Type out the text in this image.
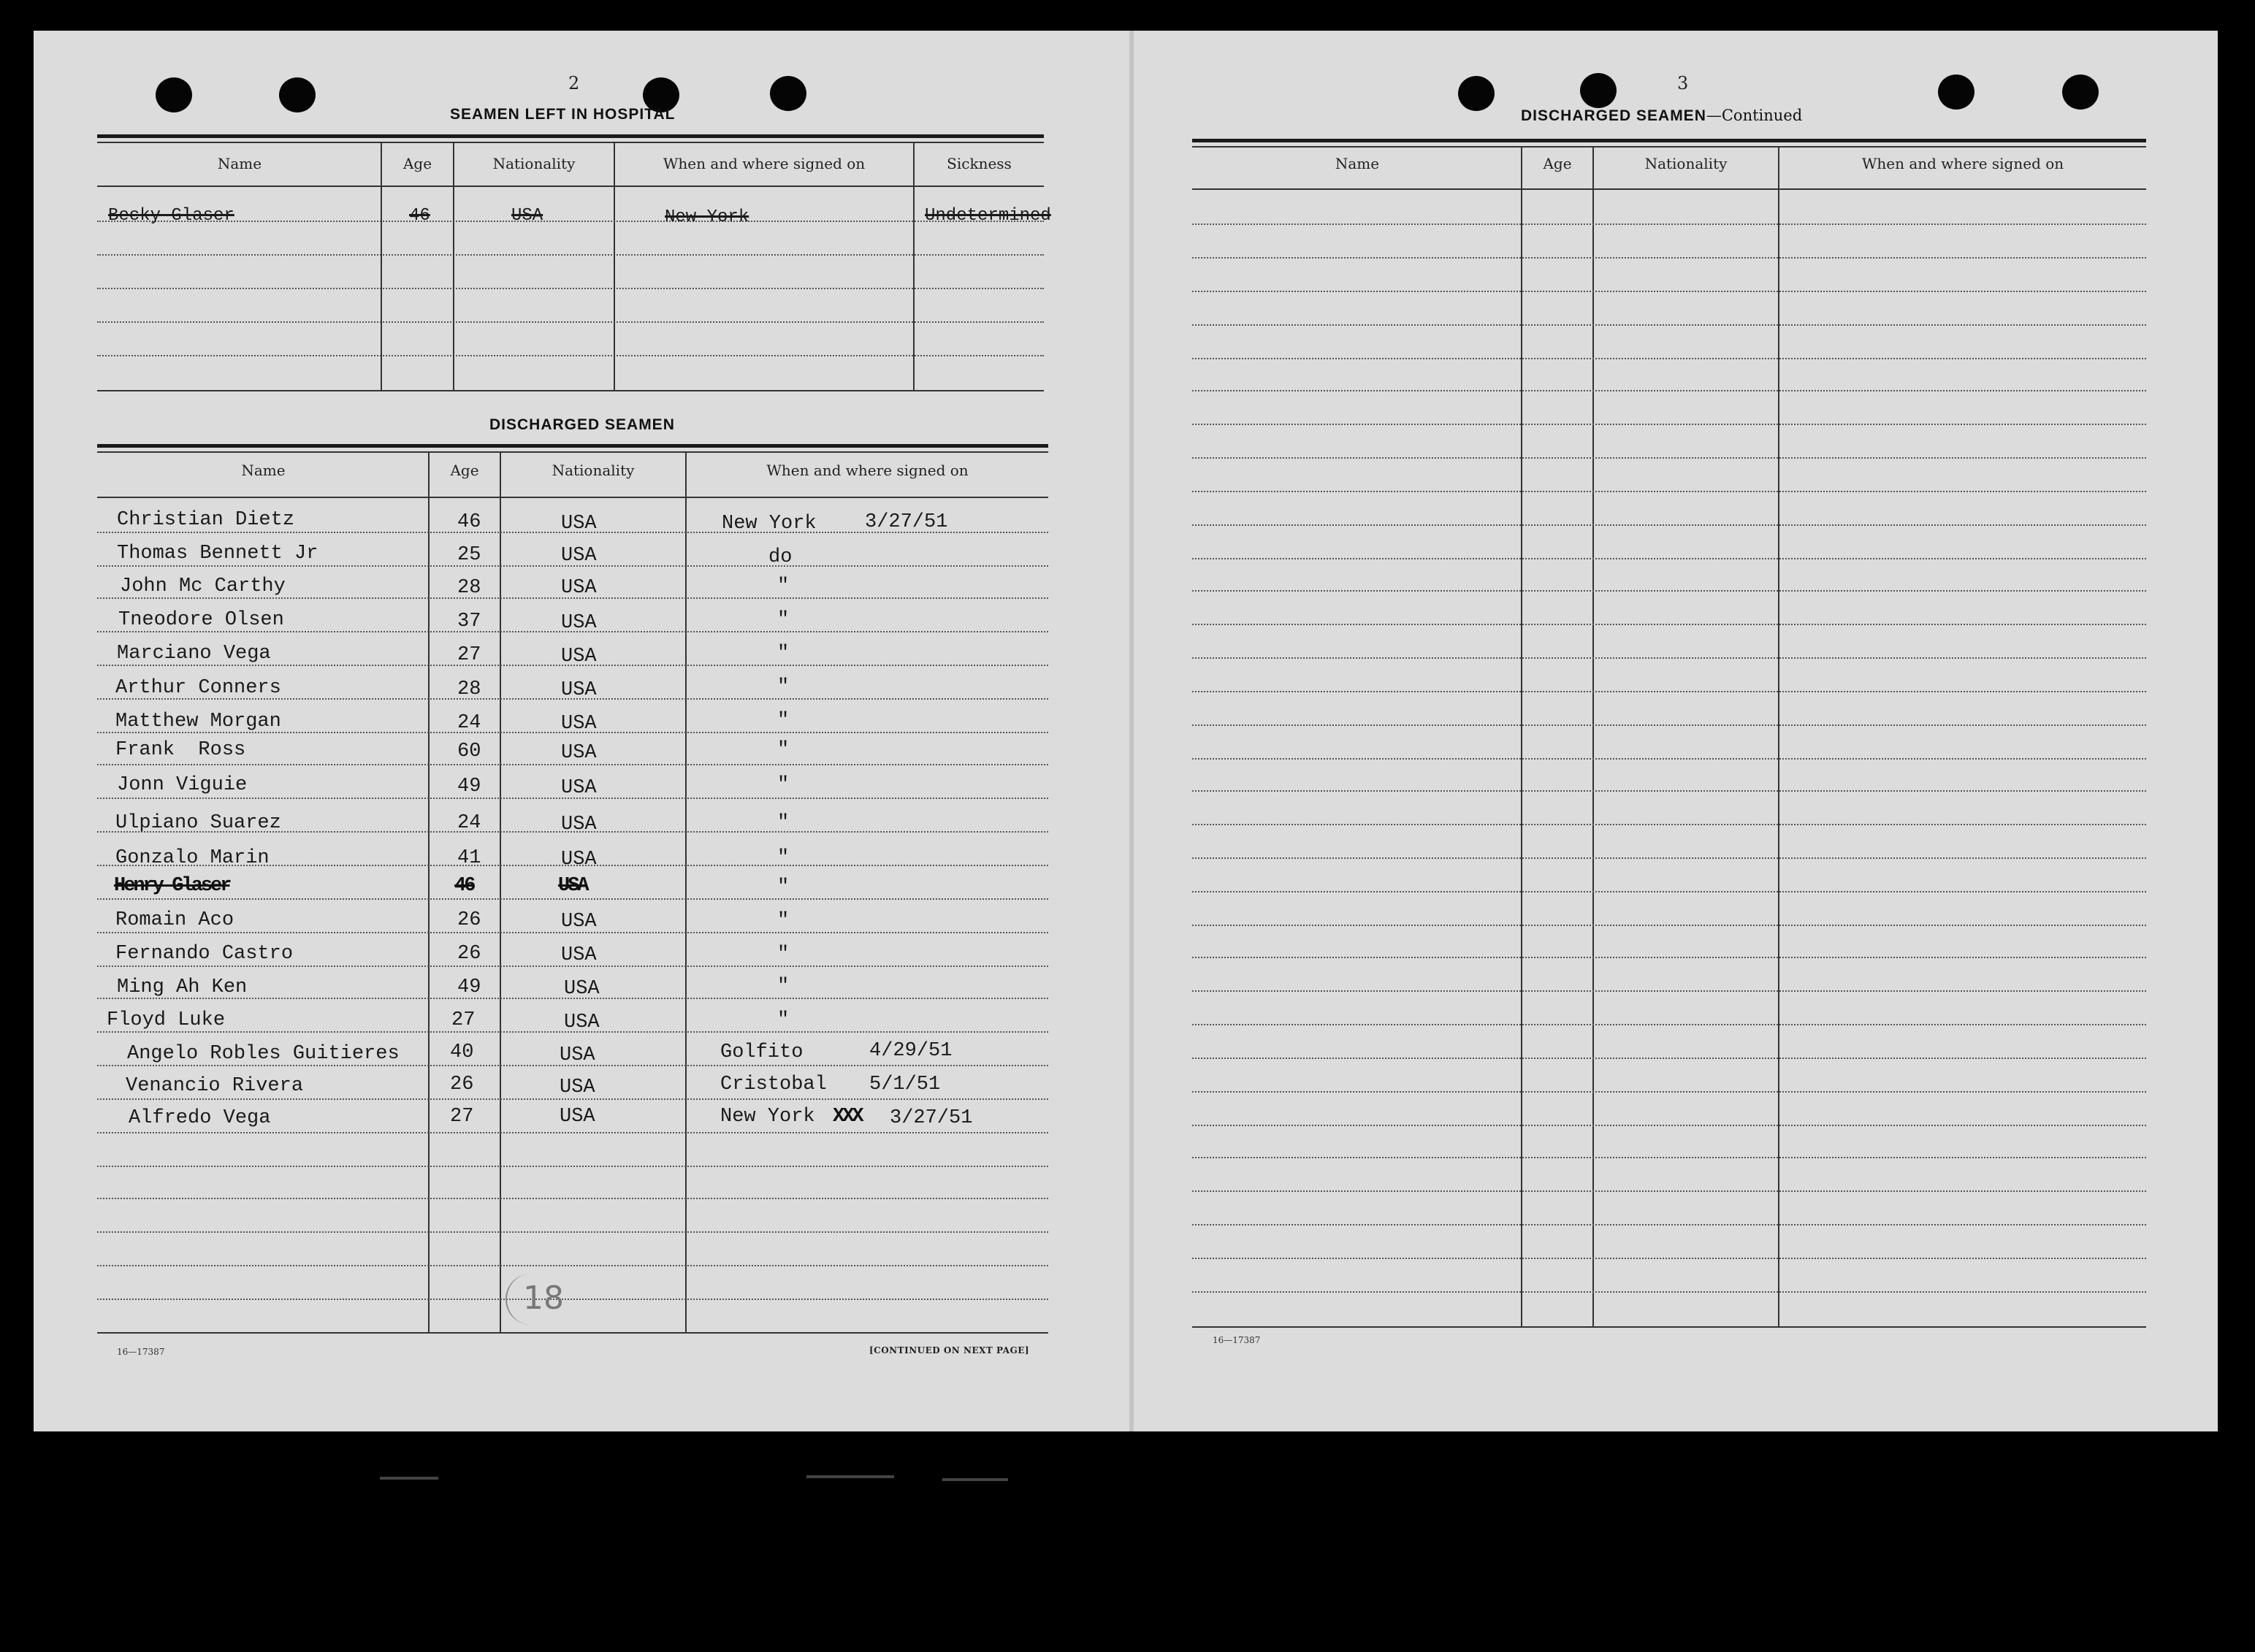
2
SEAMEN LEFT IN HOSPITAL
Name	Age	Nationality	When and where signed on	Sickness
Becky Glaser	46	USA	New York	Undetermined
DISCHARGED SEAMEN
Name	Age	Nationality	When and where signed on
Christian Dietz	46	USA	New York 3/27/51
Thomas Bennett Jr	25	USA	do
John Mc Carthy	28	USA	"
Tneodore Olsen	37	USA	"
Marciano Vega	27	USA	"
Arthur Conners	28	USA	"
Matthew Morgan	24	USA	"
Frank  Ross	60	USA	"
Jonn Viguie	49	USA	"
Ulpiano Suarez	24	USA	"
Gonzalo Marin	41	USA	"
Henry Glaser	46	USA	"
Romain Aco	26	USA	"
Fernando Castro	26	USA	"
Ming Ah Ken	49	USA	"
Floyd Luke	27	USA	"
Angelo Robles Guitieres	40	USA	Golfito	4/29/51
Venancio Rivera	26	USA	Cristobal 5/1/51
Alfredo Vega	27	USA	New York XXX 3/27/51
18
16—17387	[CONTINUED ON NEXT PAGE]
3
DISCHARGED SEAMEN—Continued
Name	Age	Nationality	When and where signed on
16—17387
